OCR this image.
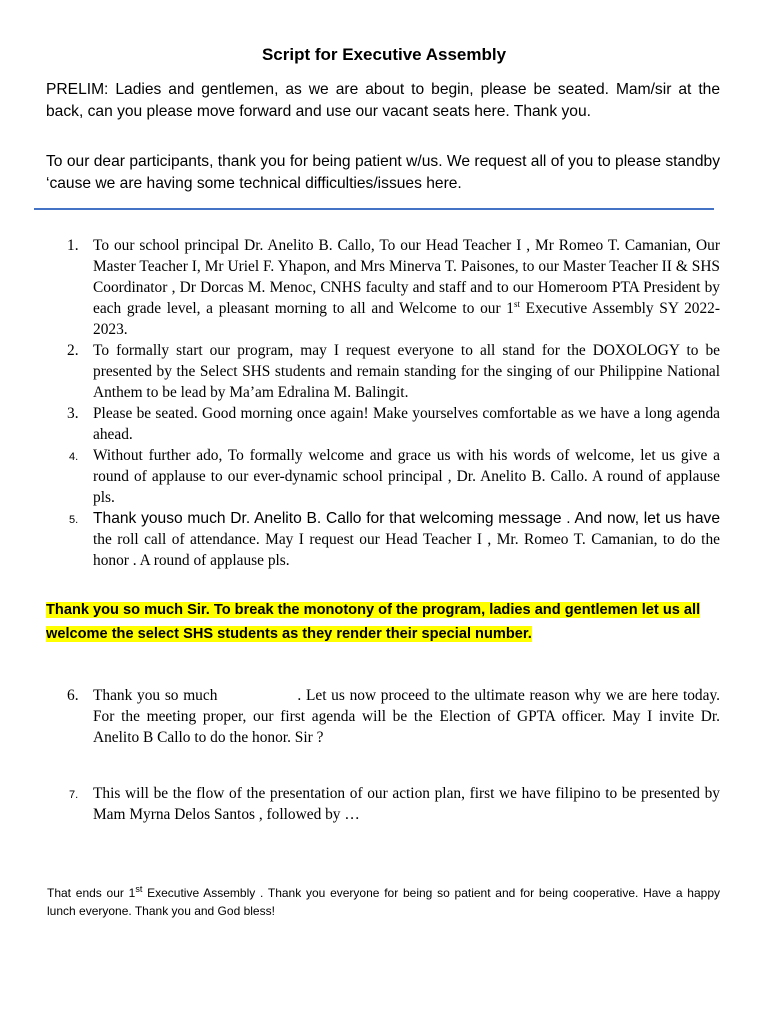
Script for Executive Assembly

PRELIM: Ladies and gentlemen, as we are about to begin, please be seated. Mam/sir at the back, can you please move forward and use our vacant seats here. Thank you.

To our dear participants, thank you for being patient w/us. We request all of you to please standby ‘cause we are having some technical difficulties/issues here.

1. To our school principal Dr. Anelito B. Callo, To our Head Teacher I , Mr Romeo T. Camanian, Our Master Teacher I, Mr Uriel F. Yhapon, and Mrs Minerva T. Paisones, to our Master Teacher II & SHS Coordinator , Dr Dorcas M. Menoc, CNHS faculty and staff and to our Homeroom PTA President by each grade level, a pleasant morning to all and Welcome to our 1st Executive Assembly SY 2022-2023.

2. To formally start our program, may I request everyone to all stand for the DOXOLOGY to be presented by the Select SHS students and remain standing for the singing of our Philippine National Anthem to be lead by Ma’am Edralina M. Balingit.

3. Please be seated. Good morning once again! Make yourselves comfortable as we have a long agenda ahead.

4. Without further ado, To formally welcome and grace us with his words of welcome, let us give a round of applause to our ever-dynamic school principal , Dr. Anelito B. Callo. A round of applause pls.

5. Thank youso much Dr. Anelito B. Callo for that welcoming message . And now, let us have the roll call of attendance. May I request our Head Teacher I , Mr. Romeo T. Camanian, to do the honor . A round of applause pls.

Thank you so much Sir. To break the monotony of the program, ladies and gentlemen let us all welcome the select SHS students as they render their special number.

6. Thank you so much	. Let us now proceed to the ultimate reason why we are here today. For the meeting proper, our first agenda will be the Election of GPTA officer. May I invite Dr. Anelito B Callo to do the honor. Sir ?

7. This will be the flow of the presentation of our action plan, first we have filipino to be presented by Mam Myrna Delos Santos , followed by …

That ends our 1st Executive Assembly . Thank you everyone for being so patient and for being cooperative. Have a happy lunch everyone. Thank you and God bless!
